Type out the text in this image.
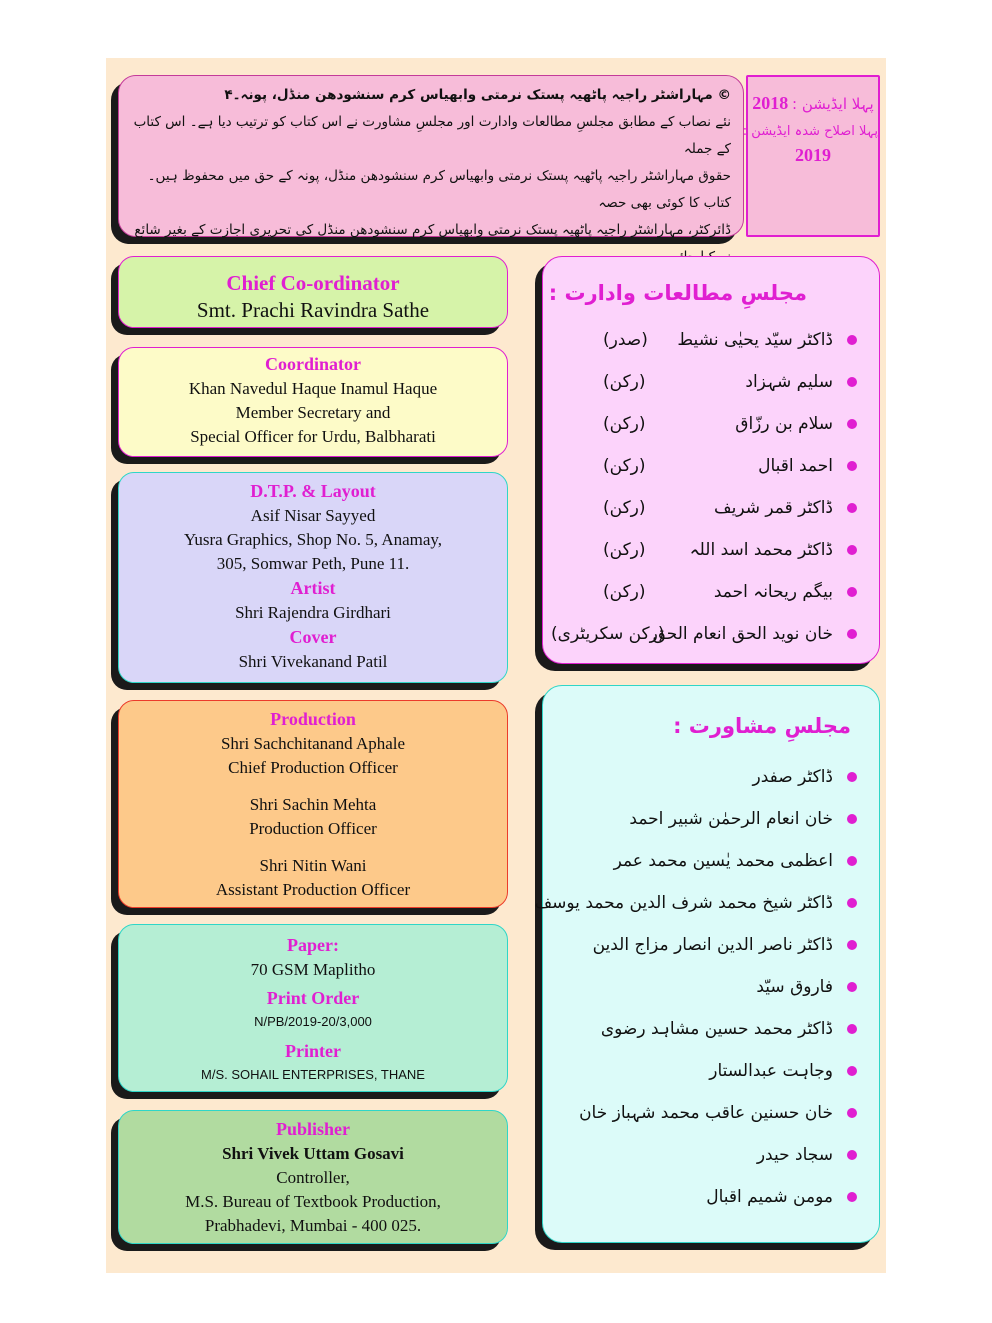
© مہاراشٹر راجیہ پاٹھیہ پستک نرمتی وابھیاس کرم سنشودھن منڈل، پونہ۔۴
نئے نصاب کے مطابق مجلسِ مطالعات وادارت اور مجلسِ مشاورت نے اس کتاب کو ترتیب دیا ہے۔ اس کتاب کے جملہ
حقوق مہاراشٹر راجیہ پاٹھیہ پستک نرمتی وابھیاس کرم سنشودھن منڈل، پونہ کے حق میں محفوظ ہیں۔ کتاب کا کوئی بھی حصہ
ڈائرکٹر، مہاراشٹر راجیہ پاٹھیہ پستک نرمتی وابھیاس کرم سنشودھن منڈل کی تحریری اجازت کے بغیر شائع
پہلا ایڈیشن : 2018
پہلا اصلاح شدہ ایڈیشن :
2019
Chief Co-ordinator
Smt. Prachi Ravindra Sathe
Coordinator
Khan Navedul Haque Inamul Haque
Member Secretary and
Special Officer for Urdu, Balbharati
D.T.P. & Layout
Asif Nisar Sayyed
Yusra Graphics, Shop No. 5, Anamay,
305, Somwar Peth, Pune 11.
Artist
Shri Rajendra Girdhari
Cover
Shri Vivekanand Patil
Production
Shri Sachchitanand Aphale
Chief Production Officer
Shri Sachin Mehta
Production Officer
Shri Nitin Wani
Assistant Production Officer
Paper:
70 GSM Maplitho
Print Order
N/PB/2019-20/3,000
Printer
M/S. SOHAIL ENTERPRISES, THANE
Publisher
Shri Vivek Uttam Gosavi
Controller,
M.S. Bureau of Textbook Production,
Prabhadevi, Mumbai - 400 025.
مجلسِ مطالعات وادارت :
ڈاکٹر سیّد یحیٰی نشیط
(صدر)
سلیم شہزاد
(رکن)
سلام بن رزّاق
(رکن)
احمد اقبال
(رکن)
ڈاکٹر قمر شریف
(رکن)
ڈاکٹر محمد اسد اللہ
(رکن)
بیگم ریحانہ احمد
(رکن)
خان نوید الحق انعام الحق
(رکن سکریٹری)
مجلسِ مشاورت :
ڈاکٹر صفدر
خان انعام الرحمٰن شبیر احمد
اعظمی محمد یٰسین محمد عمر
ڈاکٹر شیخ محمد شرف الدین محمد یوسف
ڈاکٹر ناصر الدین انصار مزاج الدین
فاروق سیّد
ڈاکٹر محمد حسین مشاہد رضوی
وجاہت عبدالستار
خان حسنین عاقب محمد شہباز خان
سجاد حیدر
مومن شمیم اقبال
